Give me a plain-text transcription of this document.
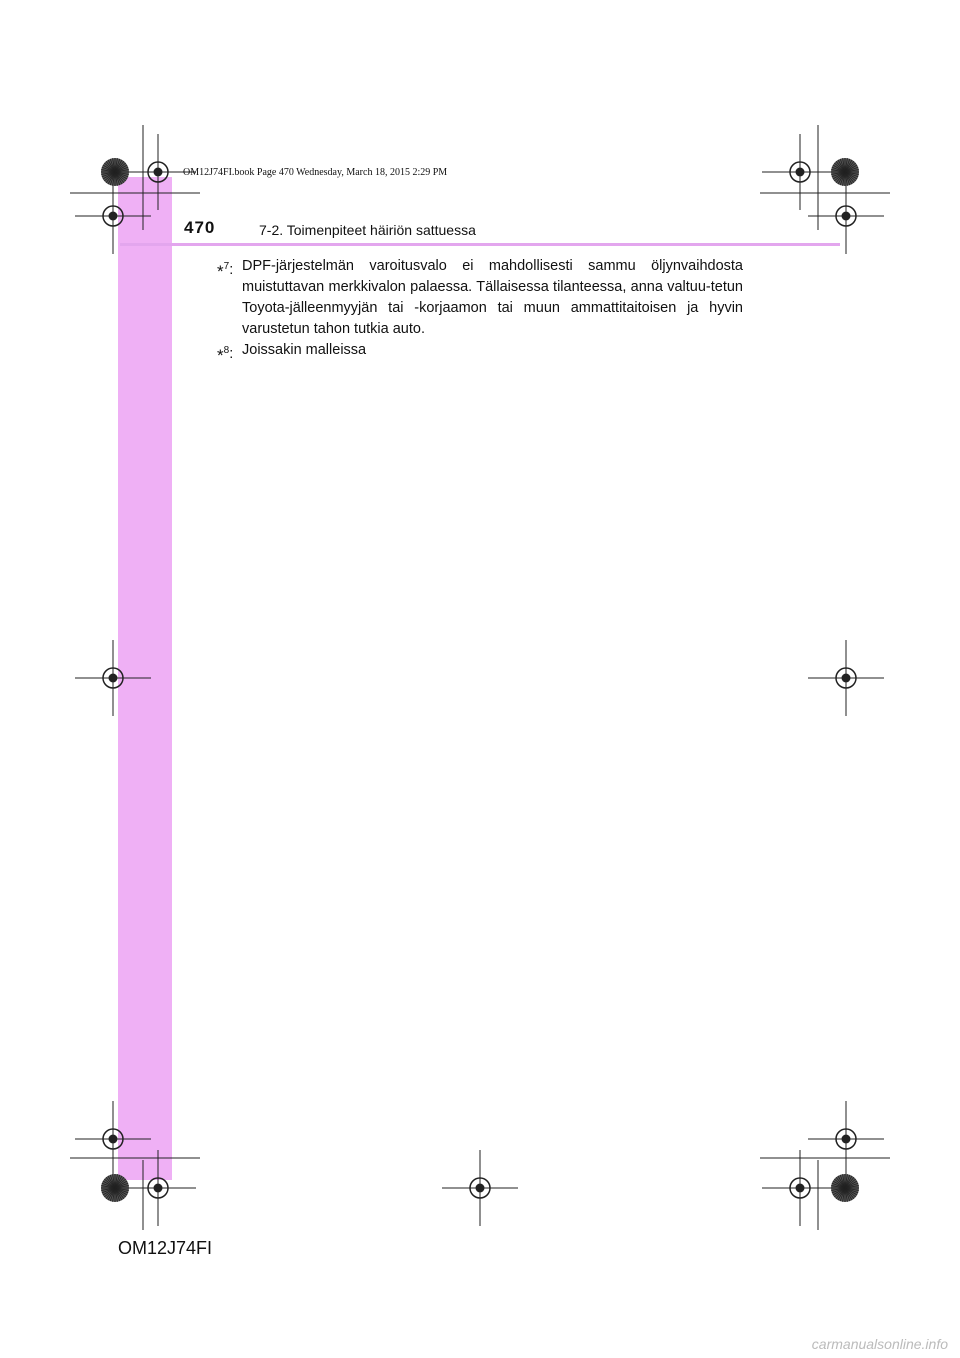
OM12J74FI.book Page 470 Wednesday, March 18, 2015 2:29 PM
470	7-2. Toimenpiteet häiriön sattuessa
*$^7$: DPF-järjestelmän varoitusvalo ei mahdollisesti sammu öljynvaihdosta muistuttavan merkkivalon palaessa. Tällaisessa tilanteessa, anna valtuu-tetun Toyota-jälleenmyyjän tai -korjaamon tai muun ammattitaitoisen ja hyvin varustetun tahon tutkia auto.
*$^8$: Joissakin malleissa
OM12J74FI
carmanualsonline.info
